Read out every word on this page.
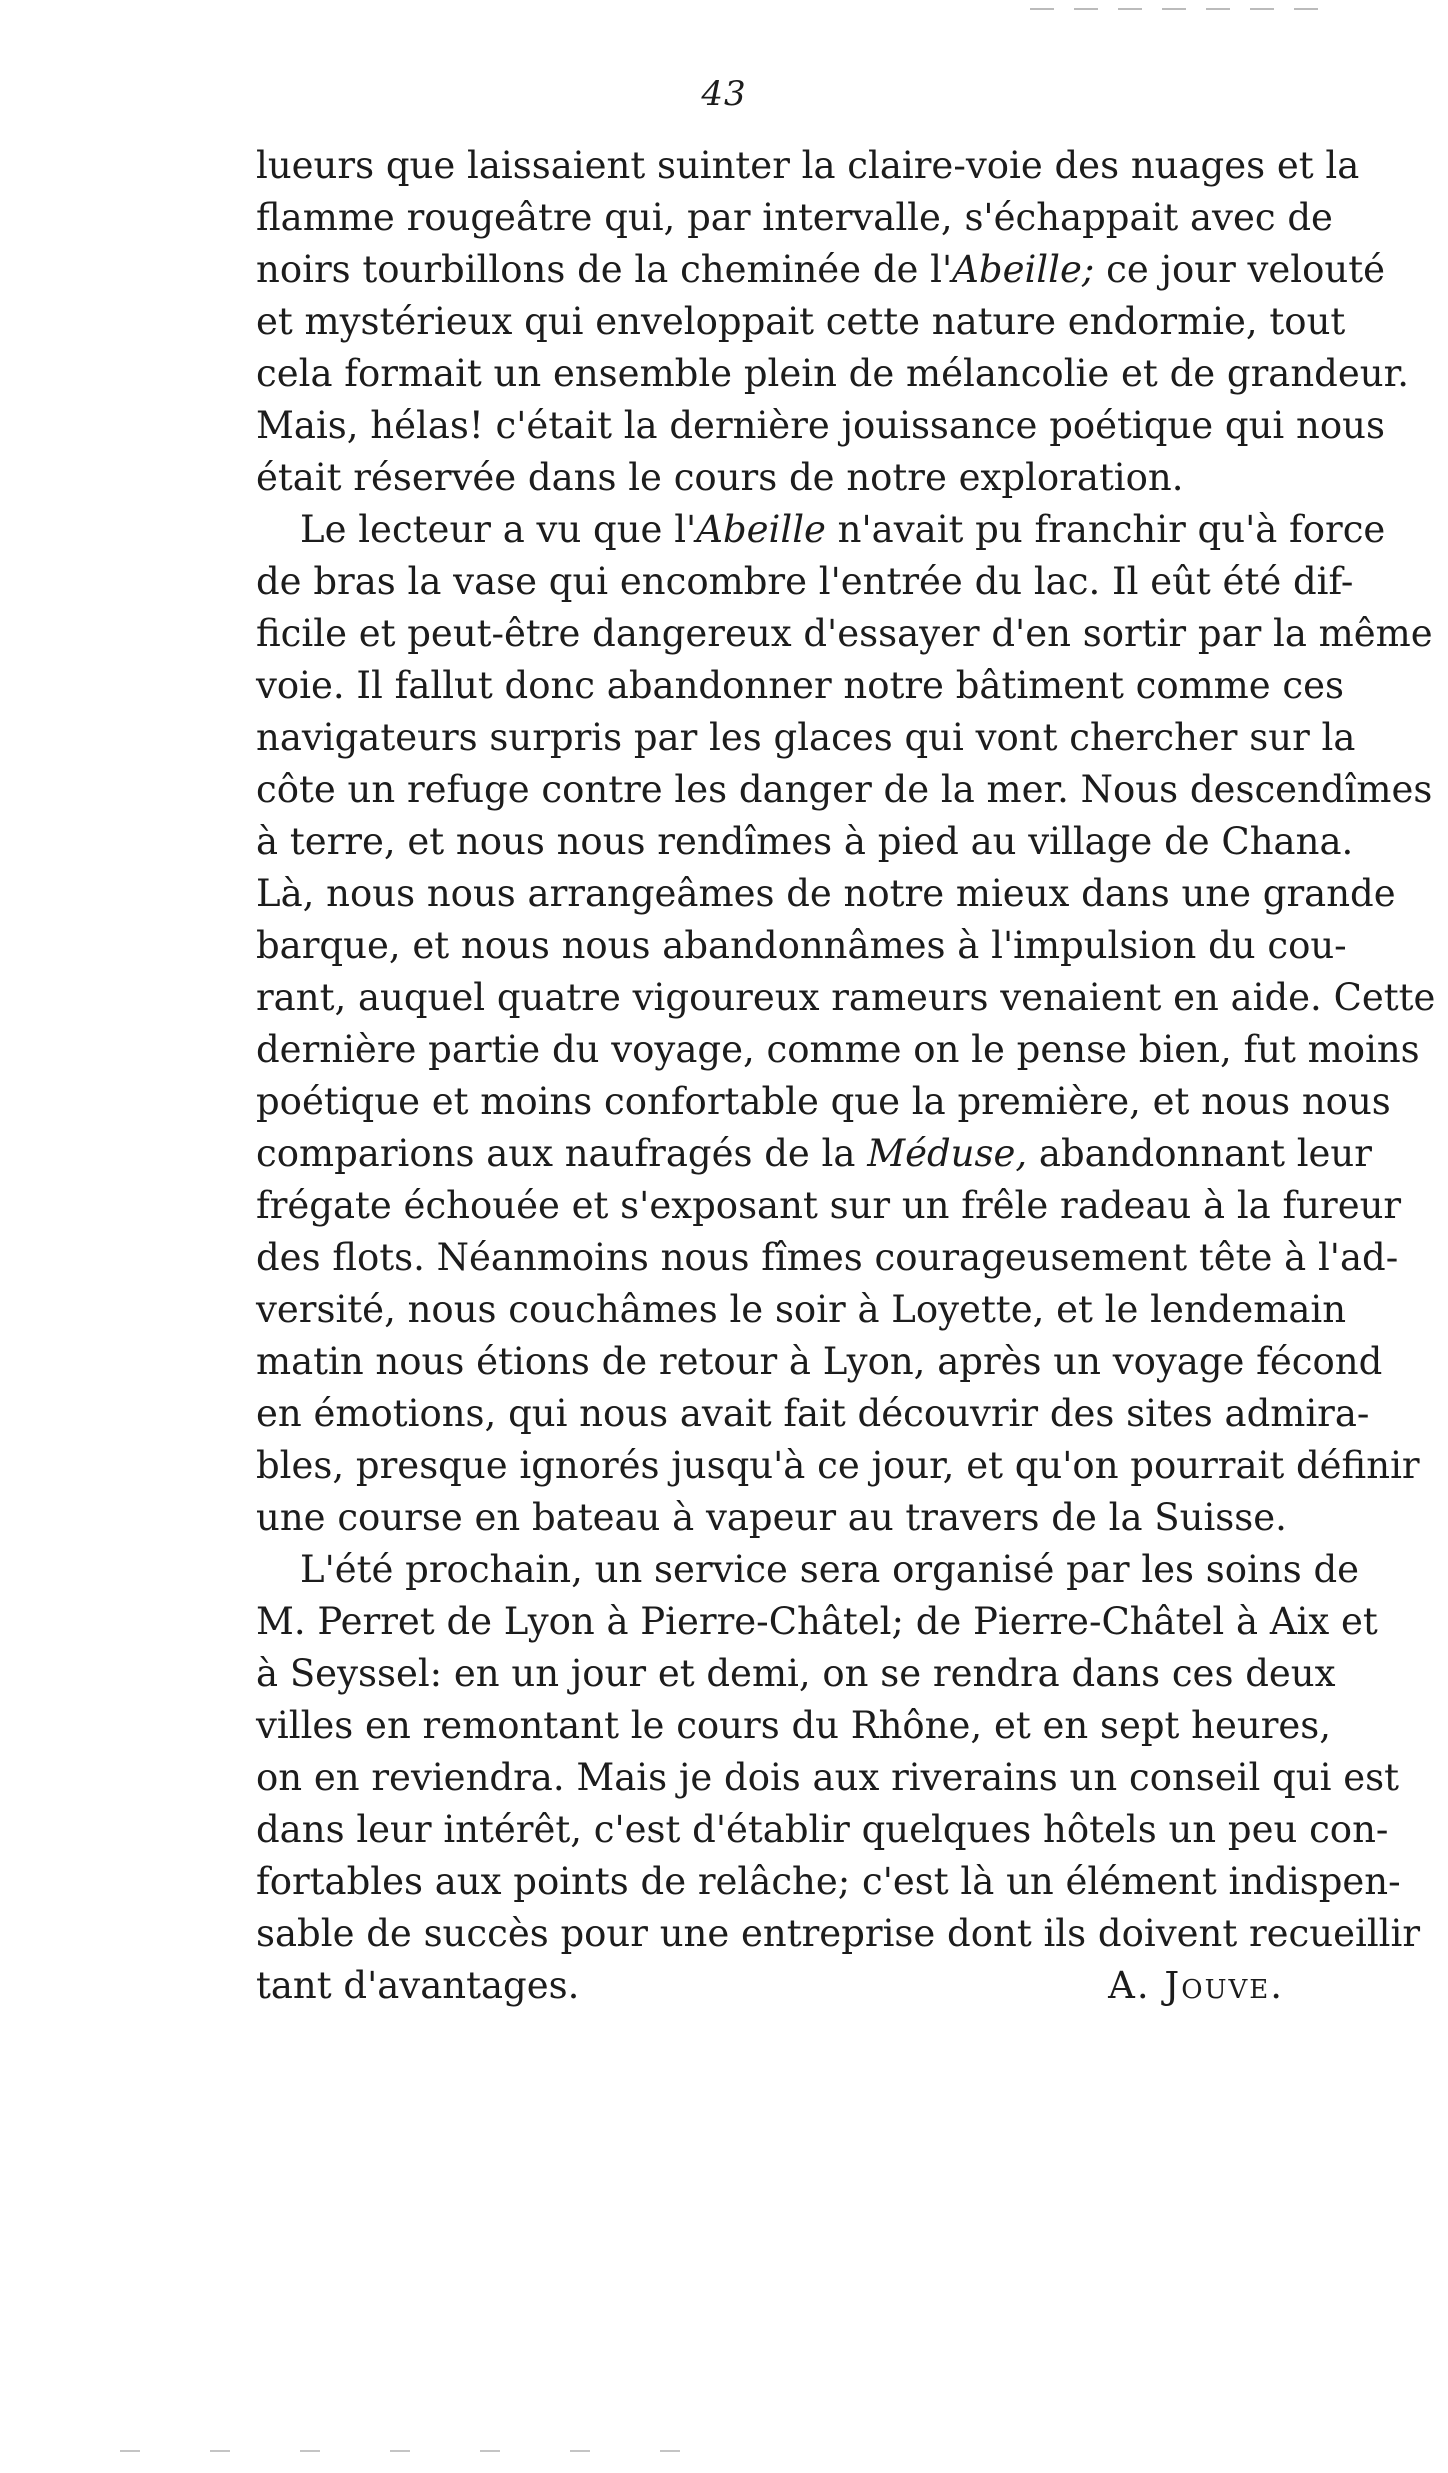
43
lueurs que laissaient suinter la claire-voie des nuages et la
flamme rougeâtre qui, par intervalle, s'échappait avec de
noirs tourbillons de la cheminée de l'Abeille; ce jour velouté
et mystérieux qui enveloppait cette nature endormie, tout
cela formait un ensemble plein de mélancolie et de grandeur.
Mais, hélas! c'était la dernière jouissance poétique qui nous
était réservée dans le cours de notre exploration.
Le lecteur a vu que l'Abeille n'avait pu franchir qu'à force
de bras la vase qui encombre l'entrée du lac. Il eût été dif-
ficile et peut-être dangereux d'essayer d'en sortir par la même
voie. Il fallut donc abandonner notre bâtiment comme ces
navigateurs surpris par les glaces qui vont chercher sur la
côte un refuge contre les danger de la mer. Nous descendîmes
à terre, et nous nous rendîmes à pied au village de Chana.
Là, nous nous arrangeâmes de notre mieux dans une grande
barque, et nous nous abandonnâmes à l'impulsion du cou-
rant, auquel quatre vigoureux rameurs venaient en aide. Cette
dernière partie du voyage, comme on le pense bien, fut moins
poétique et moins confortable que la première, et nous nous
comparions aux naufragés de la Méduse, abandonnant leur
frégate échouée et s'exposant sur un frêle radeau à la fureur
des flots. Néanmoins nous fîmes courageusement tête à l'ad-
versité, nous couchâmes le soir à Loyette, et le lendemain
matin nous étions de retour à Lyon, après un voyage fécond
en émotions, qui nous avait fait découvrir des sites admira-
bles, presque ignorés jusqu'à ce jour, et qu'on pourrait définir
une course en bateau à vapeur au travers de la Suisse.
L'été prochain, un service sera organisé par les soins de
M. Perret de Lyon à Pierre-Châtel; de Pierre-Châtel à Aix et
à Seyssel: en un jour et demi, on se rendra dans ces deux
villes en remontant le cours du Rhône, et en sept heures,
on en reviendra. Mais je dois aux riverains un conseil qui est
dans leur intérêt, c'est d'établir quelques hôtels un peu con-
fortables aux points de relâche; c'est là un élément indispen-
sable de succès pour une entreprise dont ils doivent recueillir
tant d'avantages.	A. Jouve.
